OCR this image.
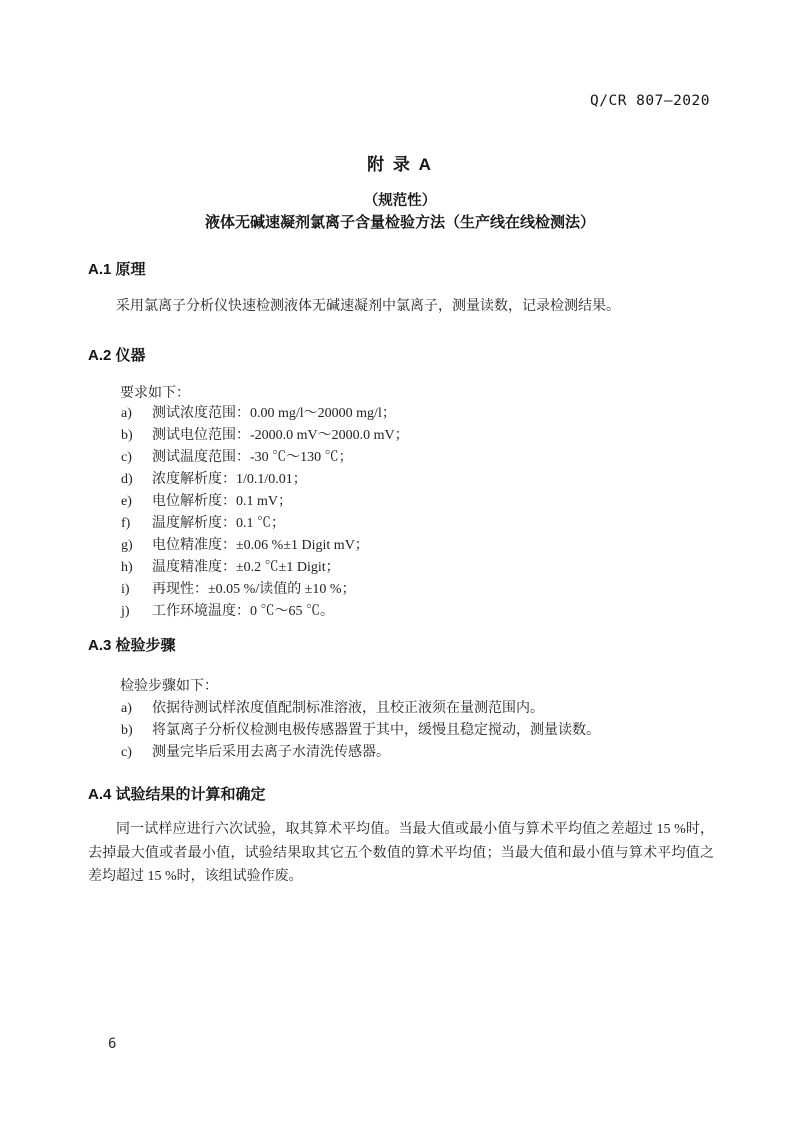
Q/CR 807—2020
附 录 A
（规范性）
液体无碱速凝剂氯离子含量检验方法（生产线在线检测法）
A.1 原理
采用氯离子分析仪快速检测液体无碱速凝剂中氯离子，测量读数，记录检测结果。
A.2 仪器
要求如下：
a)	测试浓度范围：0.00 mg/l～20000 mg/l；
b)	测试电位范围：-2000.0 mV～2000.0 mV；
c)	测试温度范围：-30 ℃～130 ℃；
d)	浓度解析度：1/0.1/0.01；
e)	电位解析度：0.1 mV；
f)	温度解析度：0.1 ℃；
g)	电位精准度：±0.06 %±1 Digit mV；
h)	温度精准度：±0.2 ℃±1 Digit；
i)	再现性：±0.05 %/读值的 ±10 %；
j)	工作环境温度：0 ℃～65 ℃。
A.3 检验步骤
检验步骤如下：
a)	依据待测试样浓度值配制标准溶液，且校正液须在量测范围内。
b)	将氯离子分析仪检测电极传感器置于其中，缓慢且稳定搅动，测量读数。
c)	测量完毕后采用去离子水清洗传感器。
A.4 试验结果的计算和确定
同一试样应进行六次试验，取其算术平均值。当最大值或最小值与算术平均值之差超过 15 %时，去掉最大值或者最小值，试验结果取其它五个数值的算术平均值；当最大值和最小值与算术平均值之差均超过 15 %时，该组试验作废。
6
